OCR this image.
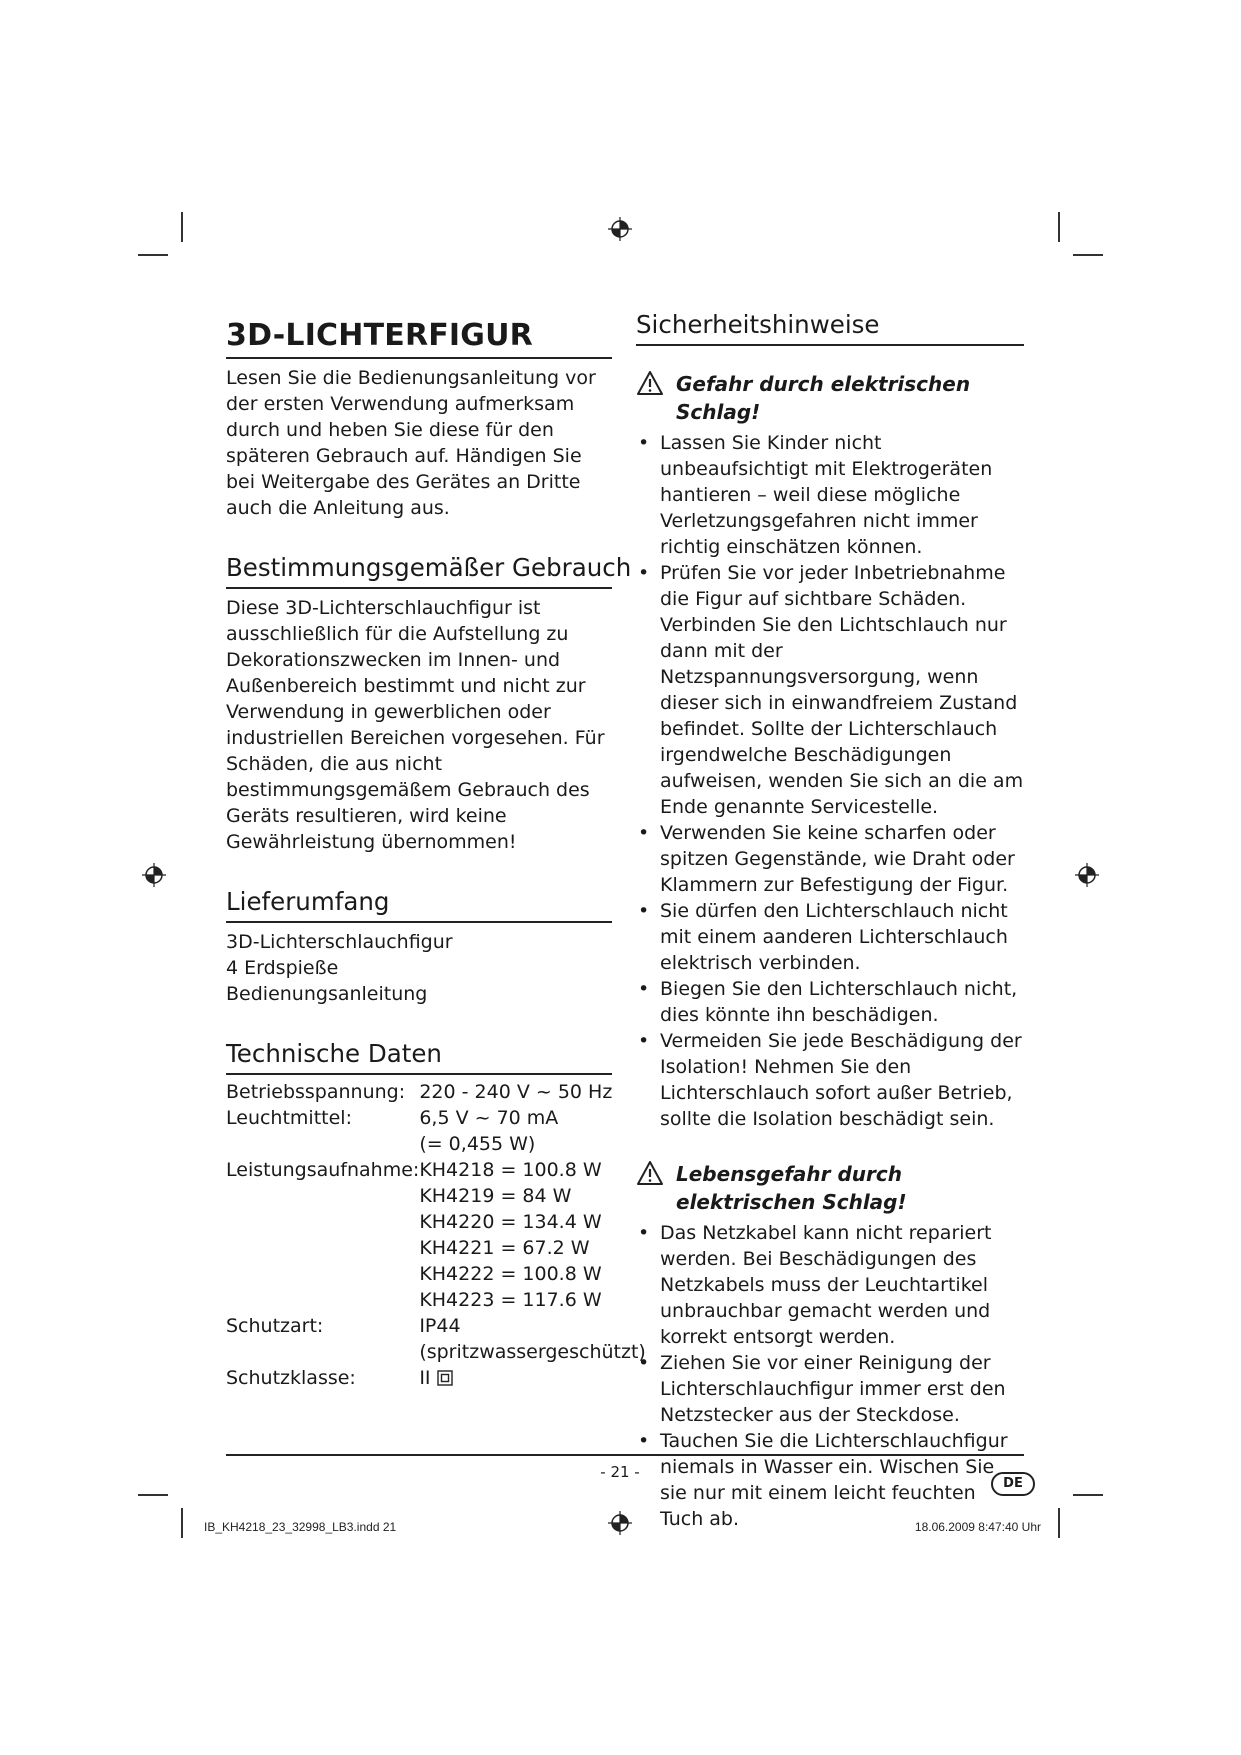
3D-LICHTERFIGUR

Lesen Sie die Bedienungsanleitung vor der ersten Verwendung aufmerksam durch und heben Sie diese für den späteren Gebrauch auf. Händigen Sie bei Weitergabe des Gerätes an Dritte auch die Anleitung aus.

Bestimmungsgemäßer Gebrauch

Diese 3D-Lichterschlauchfigur ist ausschließlich für die Aufstellung zu Dekorationszwecken im Innen- und Außenbereich bestimmt und nicht zur Verwendung in gewerblichen oder industriellen Bereichen vorgesehen. Für Schäden, die aus nicht bestimmungsgemäßem Gebrauch des Geräts resultieren, wird keine Gewährleistung übernommen!

Lieferumfang
3D-Lichterschlauchfigur
4 Erdspieße
Bedienungsanleitung
Technische Daten
Betriebsspannung:	220 - 240 V ~ 50 Hz
Leuchtmittel:	6,5 V ~ 70 mA
	(= 0,455 W)
Leistungsaufnahme:	KH4218 = 100.8 W
	KH4219 = 84 W
	KH4220 = 134.4 W
	KH4221 = 67.2 W
	KH4222 = 100.8 W
	KH4223 = 117.6 W
Schutzart:	IP44
	(spritzwassergeschützt)
Schutzklasse:	II
Sicherheitshinweise
Gefahr durch elektrischen Schlag!
• Lassen Sie Kinder nicht unbeaufsichtigt mit Elektrogeräten hantieren – weil diese mögliche Verletzungsgefahren nicht immer richtig einschätzen können.
• Prüfen Sie vor jeder Inbetriebnahme die Figur auf sichtbare Schäden. Verbinden Sie den Lichtschlauch nur dann mit der Netzspannungsversorgung, wenn dieser sich in einwandfreiem Zustand befindet. Sollte der Lichterschlauch irgendwelche Beschädigungen aufweisen, wenden Sie sich an die am Ende genannte Servicestelle.
• Verwenden Sie keine scharfen oder spitzen Gegenstände, wie Draht oder Klammern zur Befestigung der Figur.
• Sie dürfen den Lichterschlauch nicht mit einem aanderen Lichterschlauch elektrisch verbinden.
• Biegen Sie den Lichterschlauch nicht, dies könnte ihn beschädigen.
• Vermeiden Sie jede Beschädigung der Isolation! Nehmen Sie den Lichterschlauch sofort außer Betrieb, sollte die Isolation beschädigt sein.
Lebensgefahr durch elektrischen Schlag!
• Das Netzkabel kann nicht repariert werden. Bei Beschädigungen des Netzkabels muss der Leuchtartikel unbrauchbar gemacht werden und korrekt entsorgt werden.
• Ziehen Sie vor einer Reinigung der Lichterschlauchfigur immer erst den Netzstecker aus der Steckdose.
• Tauchen Sie die Lichterschlauchfigur niemals in Wasser ein. Wischen Sie sie nur mit einem leicht feuchten Tuch ab.
- 21 -
DE
IB_KH4218_23_32998_LB3.indd 21	18.06.2009 8:47:40 Uhr
